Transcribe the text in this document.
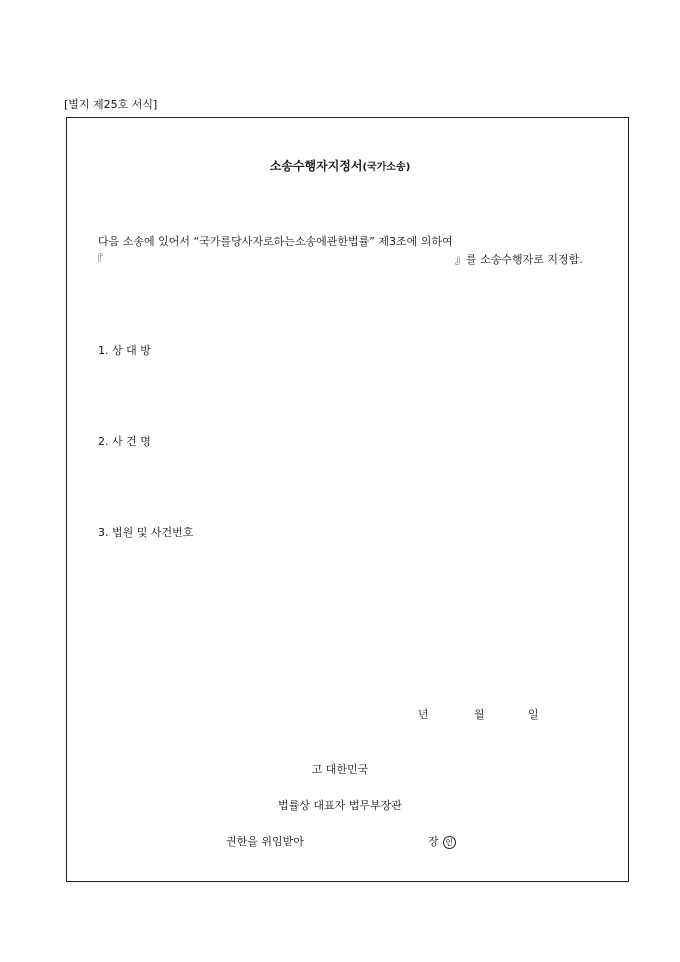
[별지 제25호 서식]
소송수행자지정서(국가소송)
다음 소송에 있어서 “국가를당사자로하는소송에관한법률” 제3조에 의하여
『	』를 소송수행자로 지정함.
1. 상 대 방
2. 사 건 명
3. 법원 및 사건번호
년	월	일
고 대한민국
법률상 대표자 법무부장관
권한을 위임받아	장 인
